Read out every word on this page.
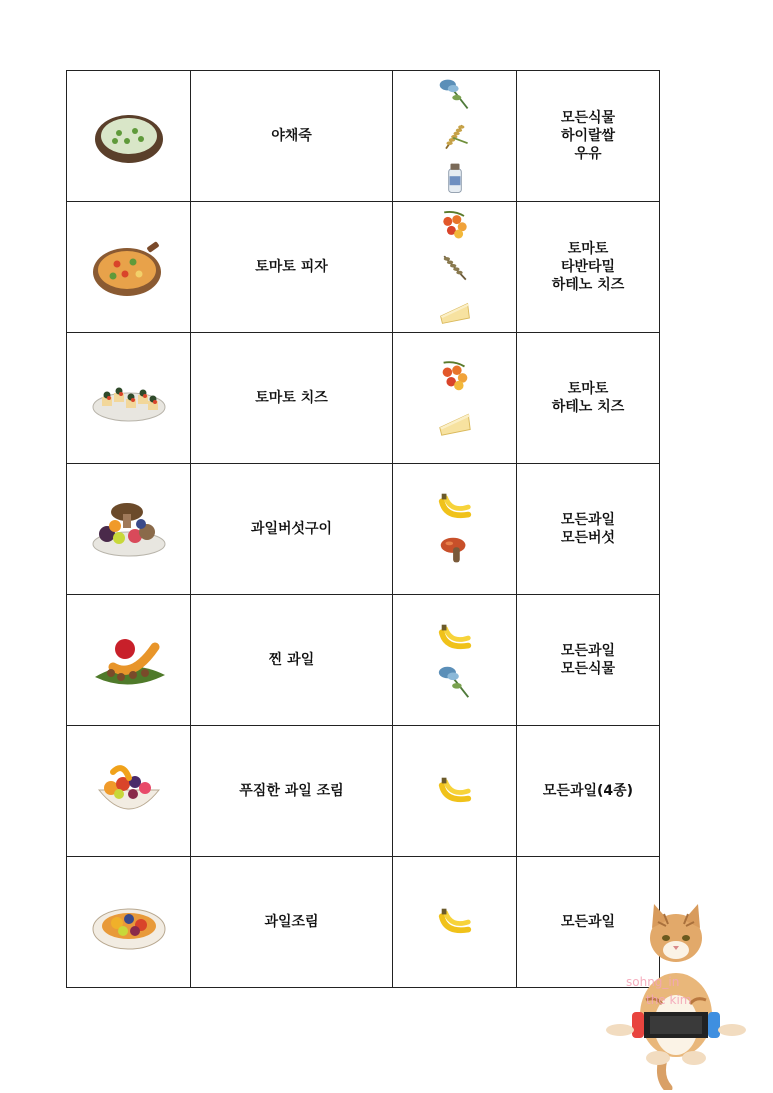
	야채죽		모든식물
하이랄쌀
우유

	토마토 피자		토마토
타반타밀
하테노 치즈

	토마토 치즈		토마토
하테노 치즈

	과일버섯구이		모든과일
모든버섯

	찐 과일		모든과일
모든식물

	푸짐한 과일 조림		모든과일(4종)

	과일조림		모든과일
sohng_in
the kim
